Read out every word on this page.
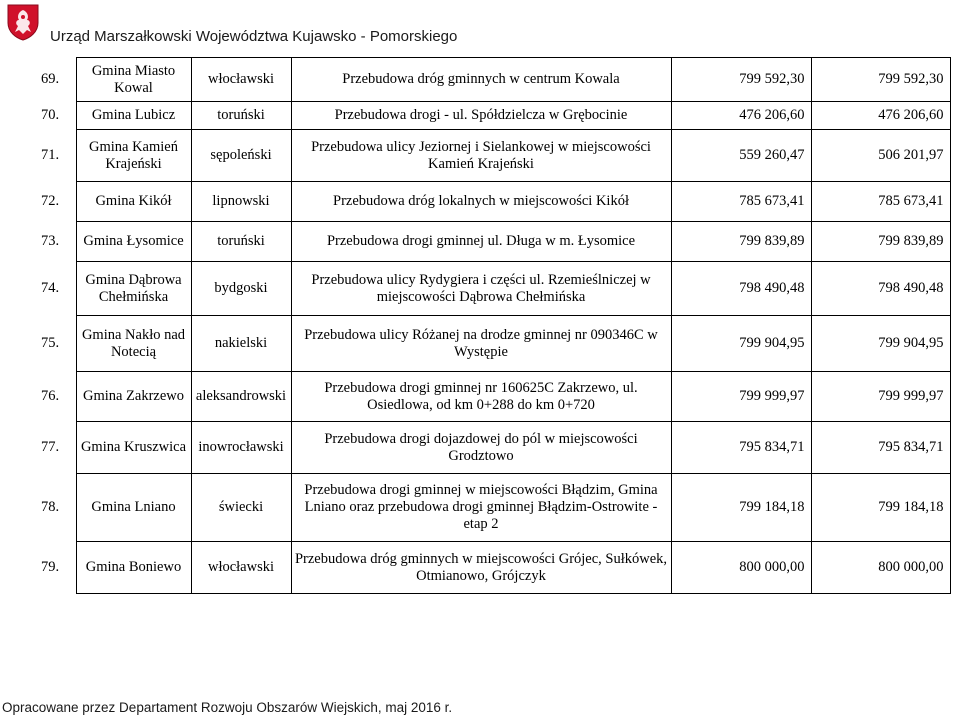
Urząd Marszałkowski Województwa Kujawsko - Pomorskiego
69.	Gmina Miasto Kowal	włocławski	Przebudowa dróg gminnych w centrum Kowala	799 592,30	799 592,30
70.	Gmina Lubicz	toruński	Przebudowa drogi - ul. Spółdzielcza w Grębocinie	476 206,60	476 206,60
71.	Gmina Kamień Krajeński	sępoleński	Przebudowa ulicy Jeziornej i Sielankowej w miejscowości Kamień Krajeński	559 260,47	506 201,97
72.	Gmina Kikół	lipnowski	Przebudowa dróg lokalnych w miejscowości Kikół	785 673,41	785 673,41
73.	Gmina Łysomice	toruński	Przebudowa drogi gminnej ul. Długa w m. Łysomice	799 839,89	799 839,89
74.	Gmina Dąbrowa Chełmińska	bydgoski	Przebudowa ulicy Rydygiera i części ul. Rzemieślniczej w miejscowości Dąbrowa Chełmińska	798 490,48	798 490,48
75.	Gmina Nakło nad Notecią	nakielski	Przebudowa ulicy Różanej na drodze gminnej nr 090346C w Występie	799 904,95	799 904,95
76.	Gmina Zakrzewo	aleksandrowski	Przebudowa drogi gminnej nr 160625C Zakrzewo, ul. Osiedlowa, od km 0+288 do km 0+720	799 999,97	799 999,97
77.	Gmina Kruszwica	inowrocławski	Przebudowa drogi dojazdowej do pól w miejscowości Grodztowo	795 834,71	795 834,71
78.	Gmina Lniano	świecki	Przebudowa drogi gminnej w miejscowości Błądzim, Gmina Lniano oraz przebudowa drogi gminnej Błądzim-Ostrowite - etap 2	799 184,18	799 184,18
79.	Gmina Boniewo	włocławski	Przebudowa dróg gminnych w miejscowości Grójec, Sułkówek, Otmianowo, Grójczyk	800 000,00	800 000,00
Opracowane przez Departament Rozwoju Obszarów Wiejskich, maj 2016 r.
